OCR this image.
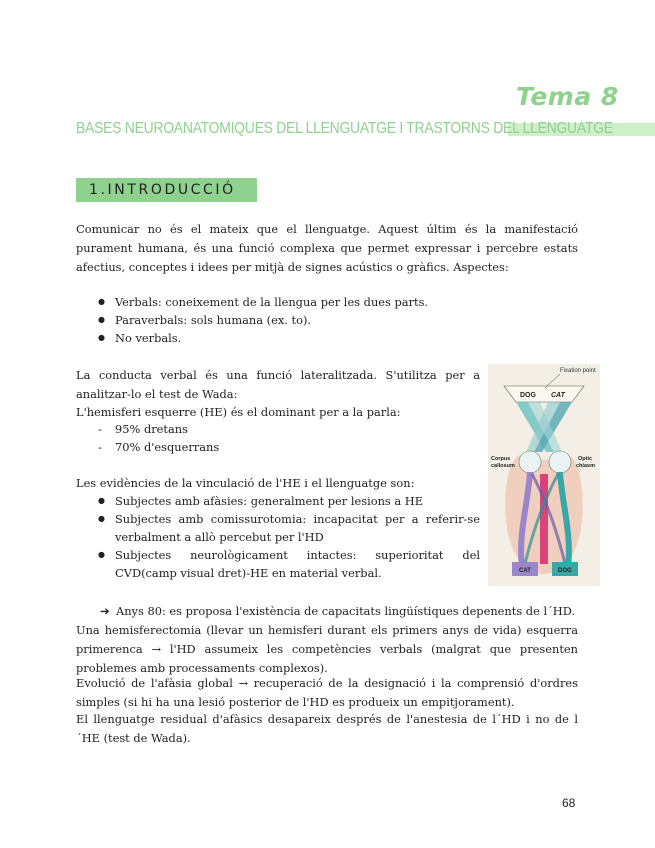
Tema 8
BASES NEUROANATOMIQUES DEL LLENGUATGE I TRASTORNS DEL LLENGUATGE
1.INTRODUCCIÓ

Comunicar no és el mateix que el llenguatge. Aquest últim és la manifestació purament humana, és una funció complexa que permet expressar i percebre estats afectius, conceptes i idees per mitjà de signes acústics o gràfics. Aspectes:

● Verbals: coneixement de la llengua per les dues parts.
● Paraverbals: sols humana (ex. to).
● No verbals.

La conducta verbal és una funció lateralitzada. S'utilitza per a analitzar-lo el test de Wada:

L'hemisferi esquerre (HE) és el dominant per a la parla:

- 95% dretans
- 70% d'esquerrans

Les evidències de la vinculació de l'HE i el llenguatge son:

● Subjectes amb afàsies: generalment per lesions a HE
● Subjectes amb comissurotomia: incapacitat per a referir-se verbalment a allò percebut per l'HD
● Subjectes neurològicament intactes: superioritat del CVD(camp visual dret)-HE en material verbal.
Fixation point
DOG CAT
CAT	DOG
Corpus
callosum
Optic
chiasm
➔ Anys 80: es proposa l'existència de capacitats lingüístiques depenents de l´HD.

Una hemisferectomia (llevar un hemisferi durant els primers anys de vida) esquerra primerenca → l'HD assumeix les competències verbals (malgrat que presenten problemes amb processaments complexos).

Evolució de l'afàsia global → recuperació de la designació i la comprensió d'ordres simples (si hi ha una lesió posterior de l'HD es produeix un empitjorament).

El llenguatge residual d'afàsics desapareix després de l'anestesia de l´HD i no de l´HE (test de Wada).

68
